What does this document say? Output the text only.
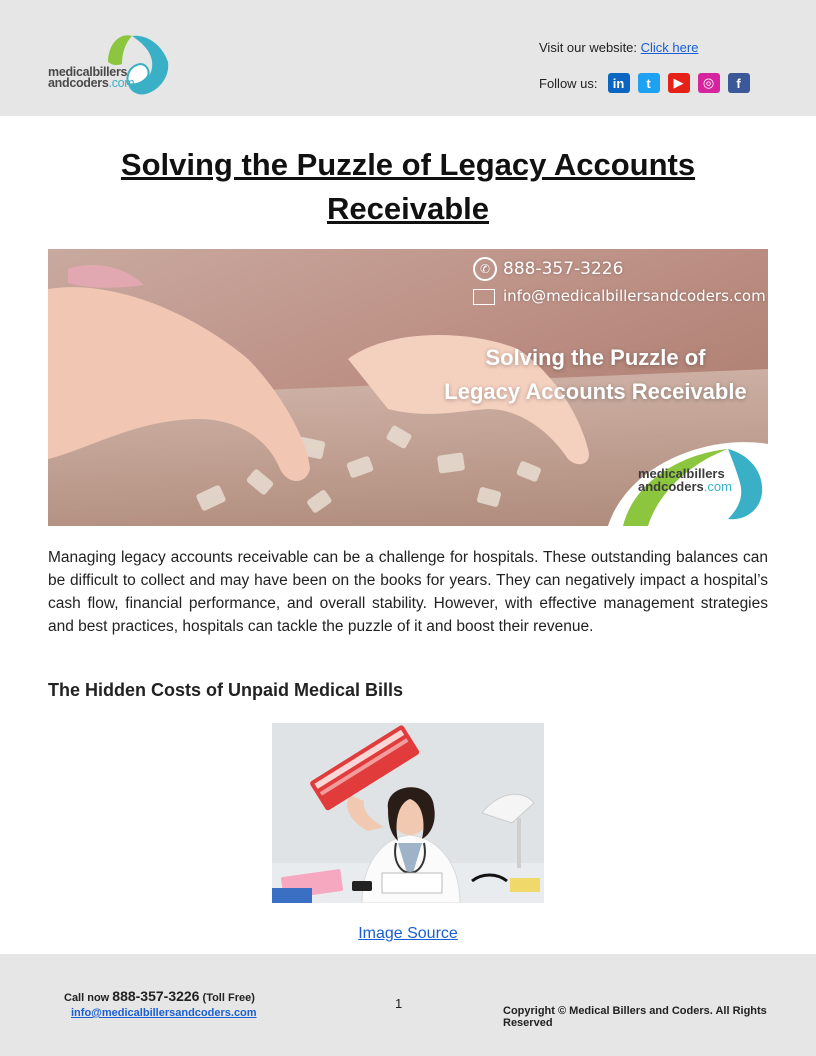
medicalbillers
andcoders.com
Visit our website: Click here
Follow us:	in	t	▶	◎	f
Solving the Puzzle of Legacy Accounts Receivable
✆ 888-357-3226
info@medicalbillersandcoders.com
Solving the Puzzle of
Legacy Accounts Receivable
medicalbillers
andcoders.com
Managing legacy accounts receivable can be a challenge for hospitals. These outstanding balances can be difficult to collect and may have been on the books for years. They can negatively impact a hospital’s cash flow, financial performance, and overall stability. However, with effective management strategies and best practices, hospitals can tackle the puzzle of it and boost their revenue.
The Hidden Costs of Unpaid Medical Bills
Image Source
Call now 888-357-3226 (Toll Free)
info@medicalbillersandcoders.com
1	Copyright © Medical Billers and Coders. All Rights Reserved
